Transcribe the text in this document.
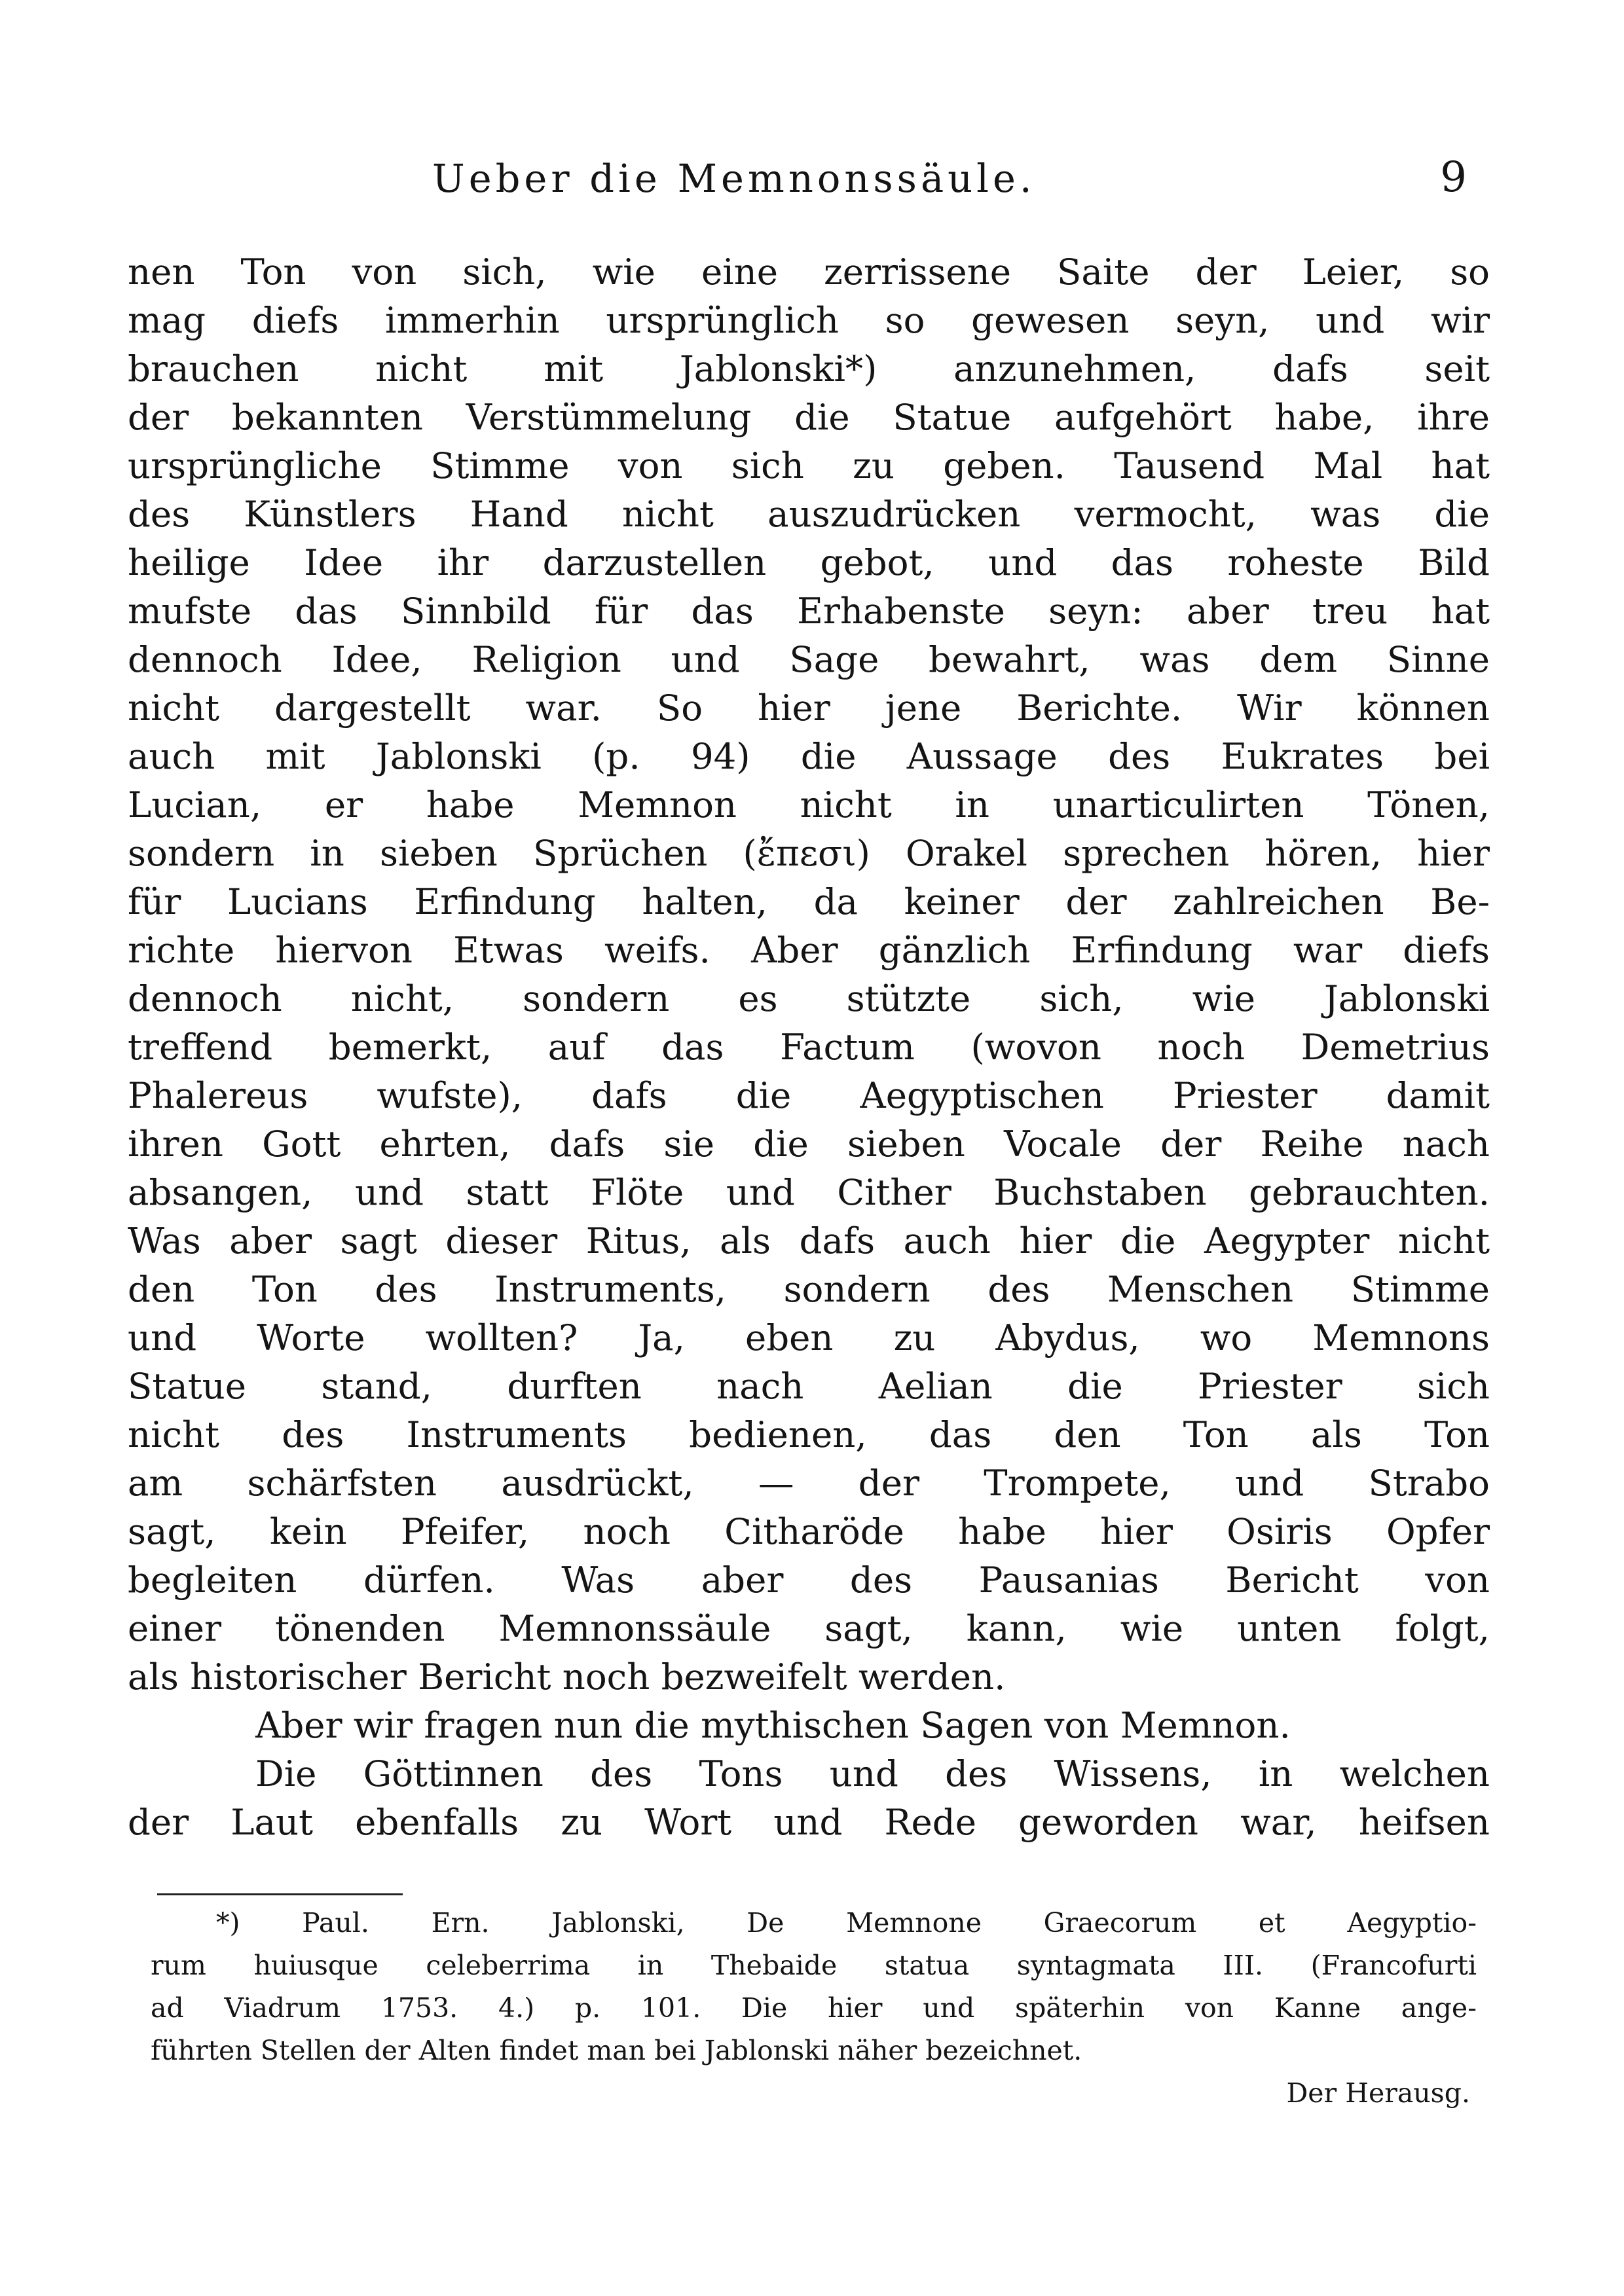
Ueber die Memnonssäule.	9
nen Ton von sich, wie eine zerrissene Saite der Leier, so
mag diefs immerhin ursprünglich so gewesen seyn, und wir
brauchen nicht mit Jablonski*) anzunehmen, dafs seit
der bekannten Verstümmelung die Statue aufgehört habe, ihre
ursprüngliche Stimme von sich zu geben. Tausend Mal hat
des Künstlers Hand nicht auszudrücken vermocht, was die
heilige Idee ihr darzustellen gebot, und das roheste Bild
mufste das Sinnbild für das Erhabenste seyn: aber treu hat
dennoch Idee, Religion und Sage bewahrt, was dem Sinne
nicht dargestellt war. So hier jene Berichte. Wir können
auch mit Jablonski (p. 94) die Aussage des Eukrates bei
Lucian, er habe Memnon nicht in unarticulirten Tönen,
sondern in sieben Sprüchen (ἔπεσι) Orakel sprechen hören, hier
für Lucians Erfindung halten, da keiner der zahlreichen Be-
richte hiervon Etwas weifs. Aber gänzlich Erfindung war diefs
dennoch nicht, sondern es stützte sich, wie Jablonski
treffend bemerkt, auf das Factum (wovon noch Demetrius
Phalereus wufste), dafs die Aegyptischen Priester damit
ihren Gott ehrten, dafs sie die sieben Vocale der Reihe nach
absangen, und statt Flöte und Cither Buchstaben gebrauchten.
Was aber sagt dieser Ritus, als dafs auch hier die Aegypter nicht
den Ton des Instruments, sondern des Menschen Stimme
und Worte wollten? Ja, eben zu Abydus, wo Memnons
Statue stand, durften nach Aelian die Priester sich
nicht des Instruments bedienen, das den Ton als Ton
am schärfsten ausdrückt, — der Trompete, und Strabo
sagt, kein Pfeifer, noch Citharöde habe hier Osiris Opfer
begleiten dürfen. Was aber des Pausanias Bericht von
einer tönenden Memnonssäule sagt, kann, wie unten folgt,
als historischer Bericht noch bezweifelt werden.
Aber wir fragen nun die mythischen Sagen von Memnon.
Die Göttinnen des Tons und des Wissens, in welchen
der Laut ebenfalls zu Wort und Rede geworden war, heifsen
*) Paul. Ern. Jablonski, De Memnone Graecorum et Aegyptio-
rum huiusque celeberrima in Thebaide statua syntagmata III. (Francofurti
ad Viadrum 1753. 4.) p. 101. Die hier und späterhin von Kanne ange-
führten Stellen der Alten findet man bei Jablonski näher bezeichnet.
Der Herausg.
